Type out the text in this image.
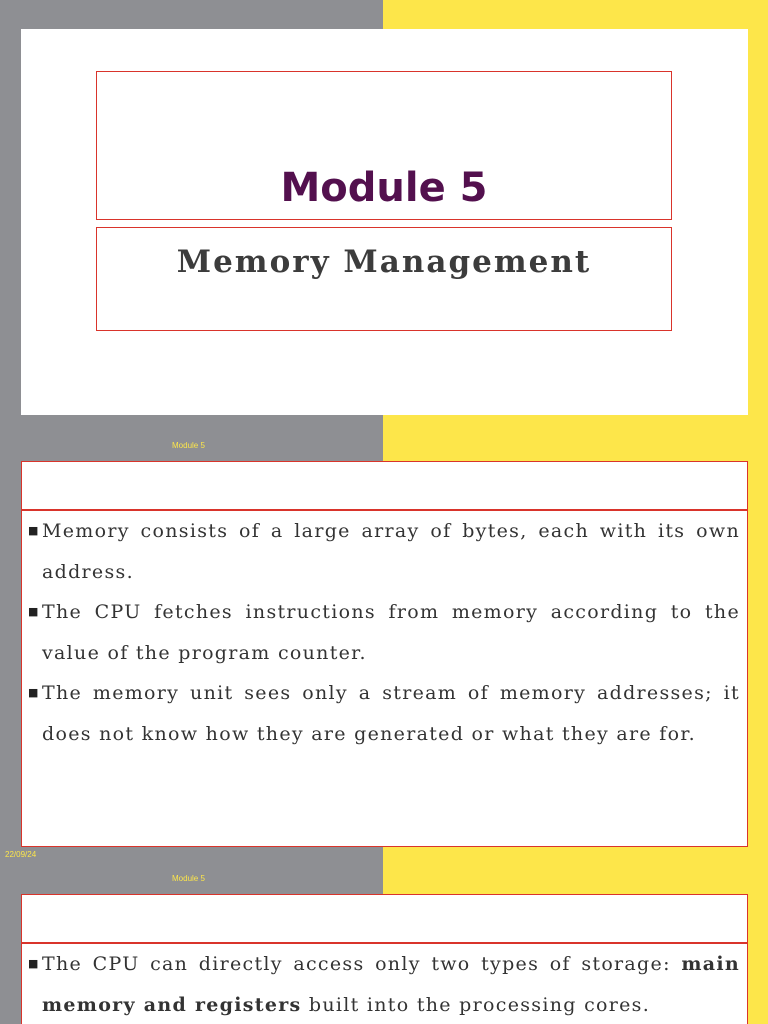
Module 5
Memory Management
Module 5
■ Memory consists of a large array of bytes, each with its own address.
■ The CPU fetches instructions from memory according to the value of the program counter.
■ The memory unit sees only a stream of memory addresses; it does not know how they are generated or what they are for.
22/09/24
Module 5
■ The CPU can directly access only two types of storage: main memory and registers built into the processing cores.
